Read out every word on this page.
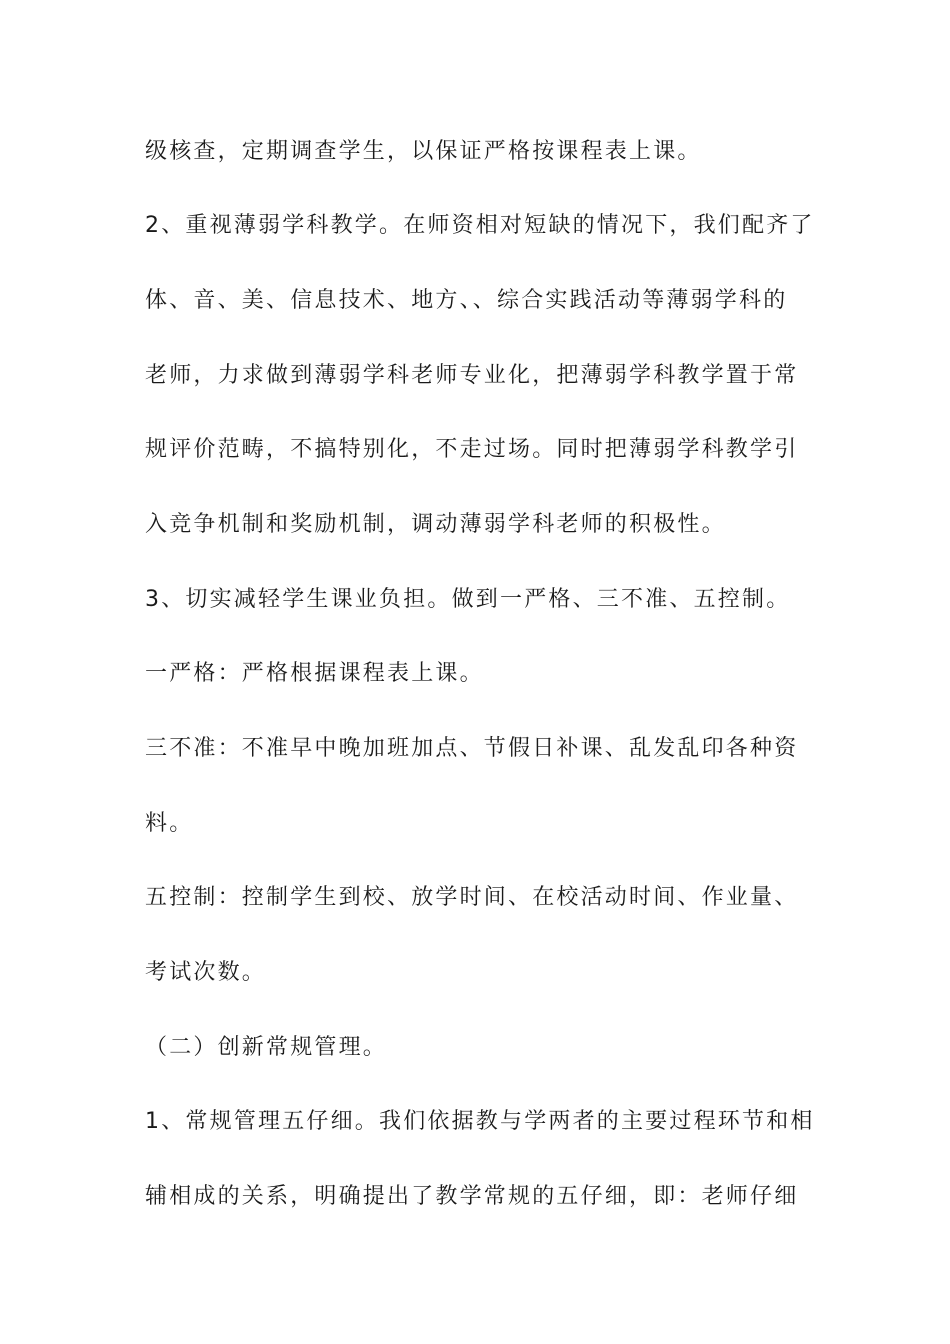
级核查，定期调查学生，以保证严格按课程表上课。

2、重视薄弱学科教学。在师资相对短缺的情况下，我们配齐了

体、音、美、信息技术、地方、、综合实践活动等薄弱学科的

老师，力求做到薄弱学科老师专业化，把薄弱学科教学置于常

规评价范畴，不搞特别化，不走过场。同时把薄弱学科教学引

入竞争机制和奖励机制，调动薄弱学科老师的积极性。

3、切实减轻学生课业负担。做到一严格、三不准、五控制。

一严格：严格根据课程表上课。

三不准：不准早中晚加班加点、节假日补课、乱发乱印各种资

料。

五控制：控制学生到校、放学时间、在校活动时间、作业量、

考试次数。

（二）创新常规管理。

1、常规管理五仔细。我们依据教与学两者的主要过程环节和相

辅相成的关系，明确提出了教学常规的五仔细，即：老师仔细
